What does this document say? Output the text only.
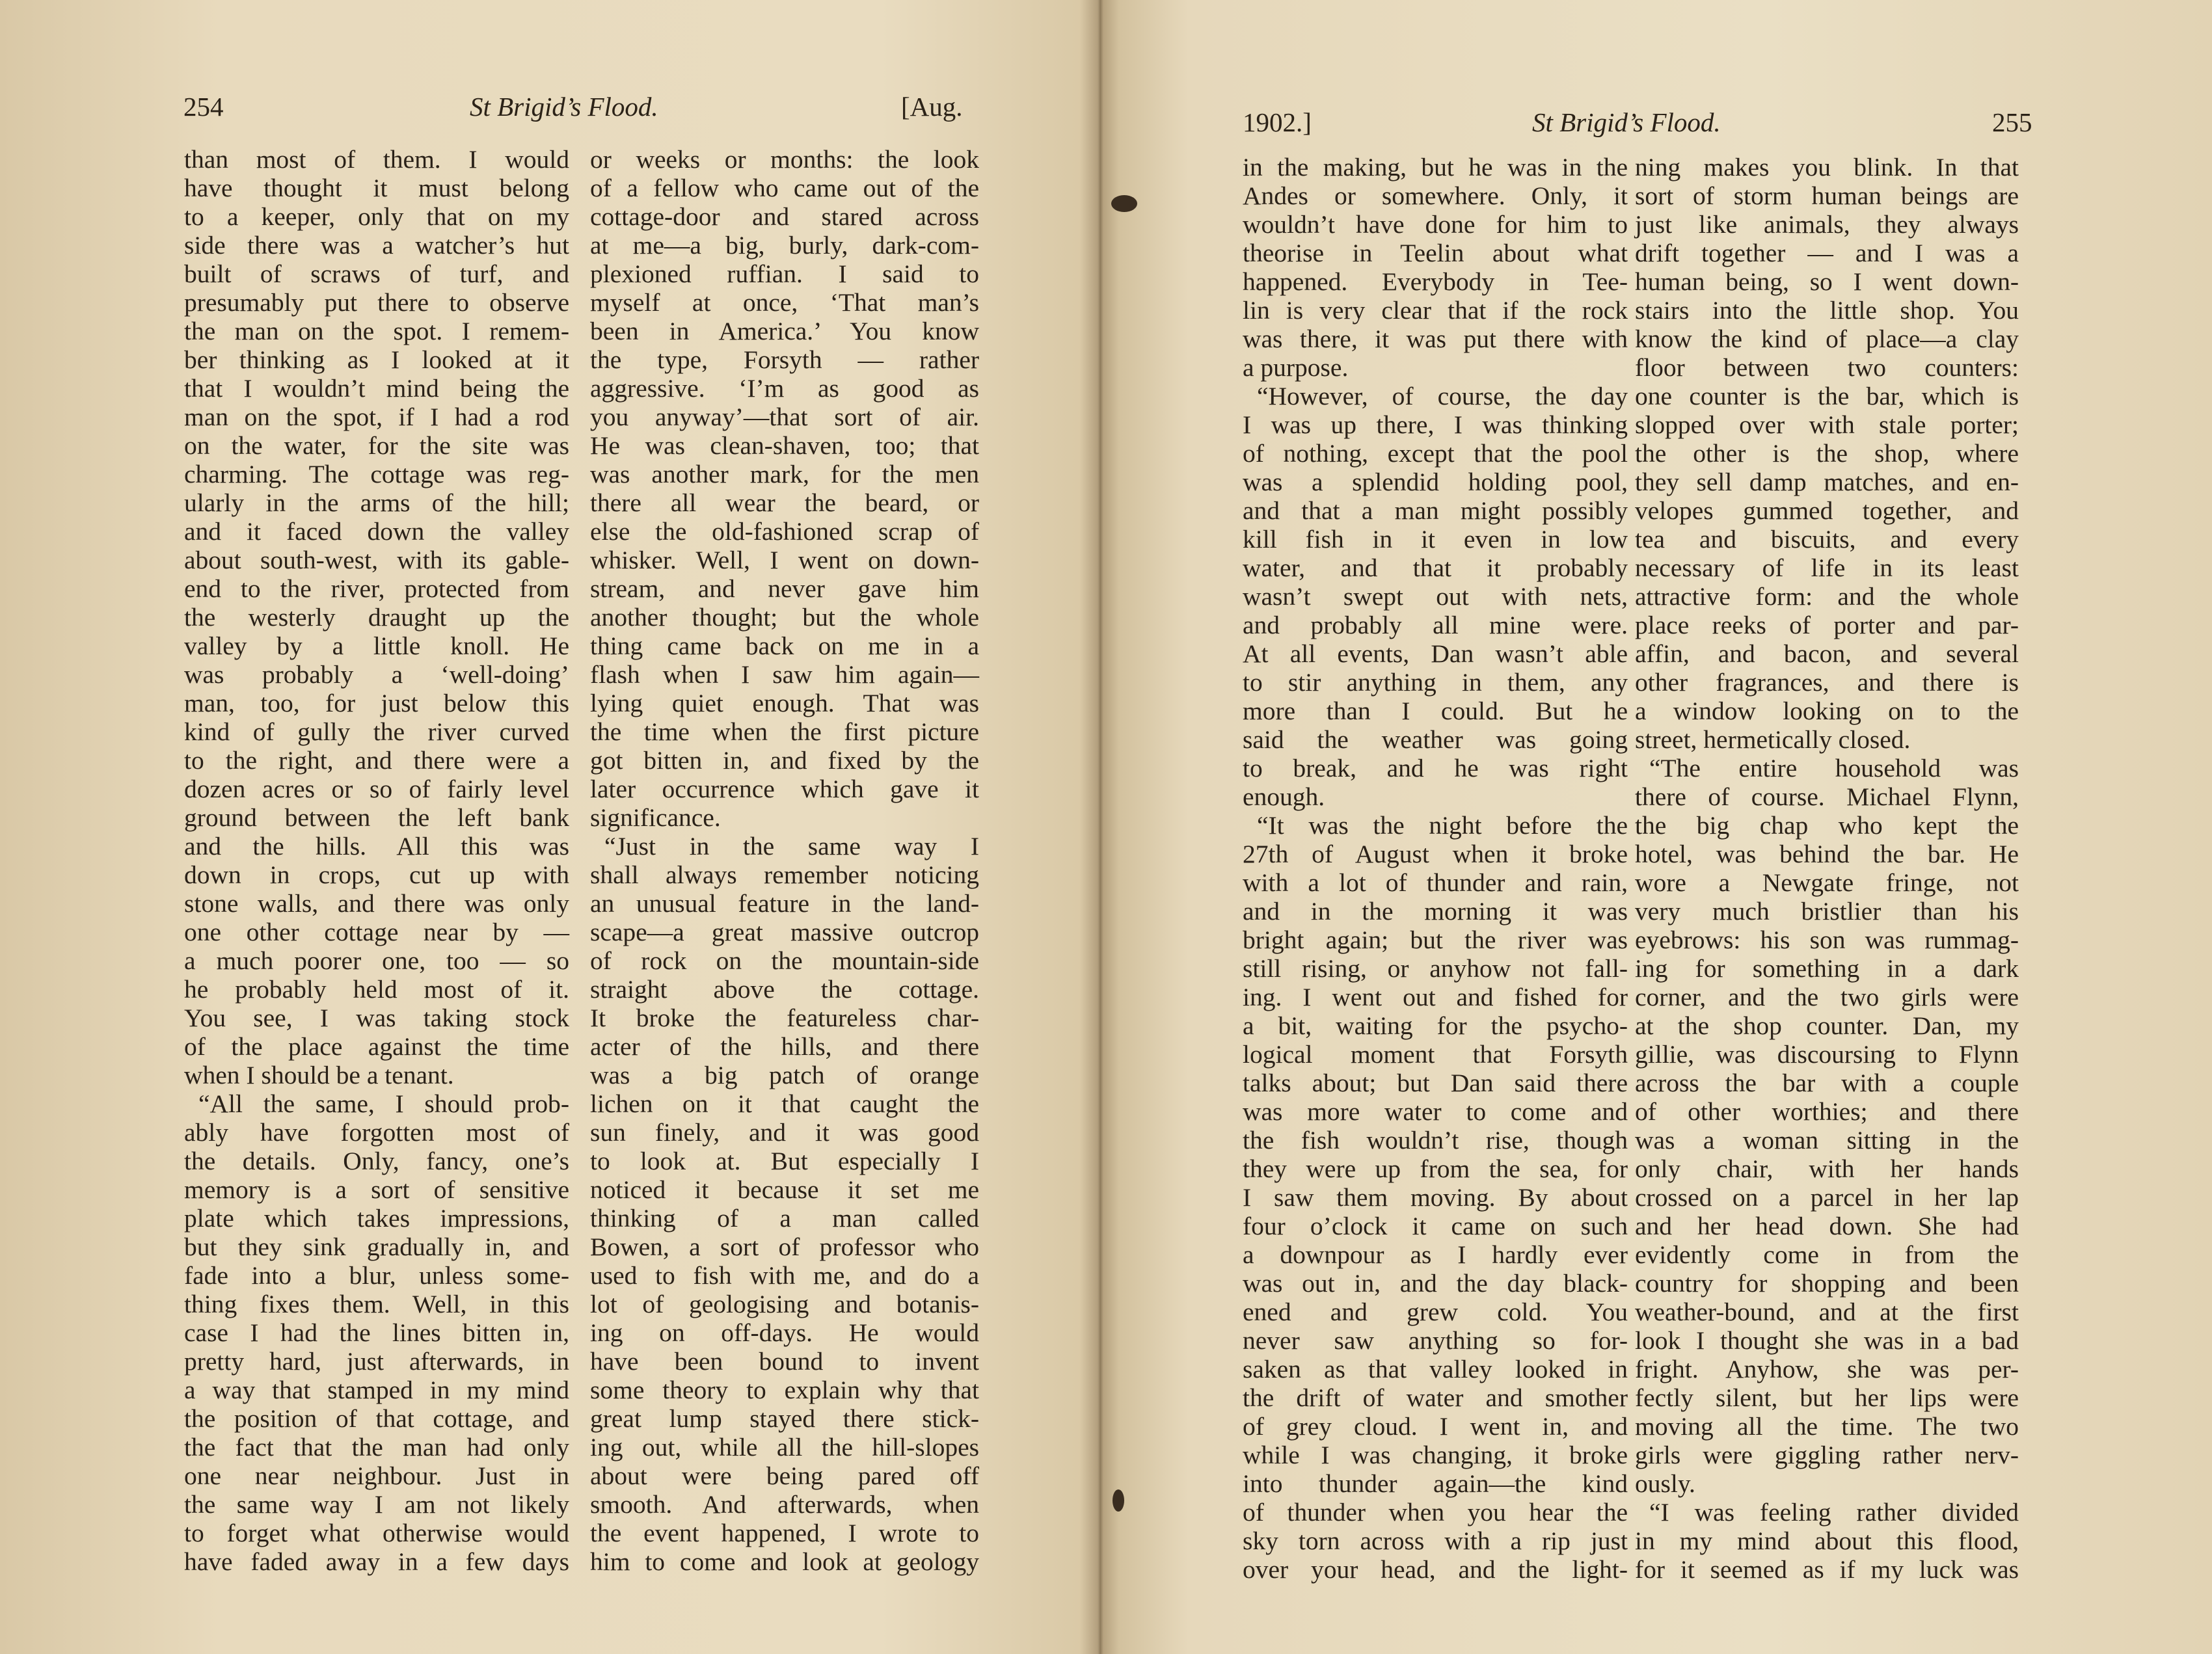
254	St Brigid’s Flood.	[Aug.
than most of them. I would
have thought it must belong
to a keeper, only that on my
side there was a watcher’s hut
built of scraws of turf, and
presumably put there to observe
the man on the spot. I remem-
ber thinking as I looked at it
that I wouldn’t mind being the
man on the spot, if I had a rod
on the water, for the site was
charming. The cottage was reg-
ularly in the arms of the hill;
and it faced down the valley
about south-west, with its gable-
end to the river, protected from
the westerly draught up the
valley by a little knoll. He
was probably a ‘well-doing’
man, too, for just below this
kind of gully the river curved
to the right, and there were a
dozen acres or so of fairly level
ground between the left bank
and the hills. All this was
down in crops, cut up with
stone walls, and there was only
one other cottage near by —
a much poorer one, too — so
he probably held most of it.
You see, I was taking stock
of the place against the time
when I should be a tenant.
“All the same, I should prob-
ably have forgotten most of
the details. Only, fancy, one’s
memory is a sort of sensitive
plate which takes impressions,
but they sink gradually in, and
fade into a blur, unless some-
thing fixes them. Well, in this
case I had the lines bitten in,
pretty hard, just afterwards, in
a way that stamped in my mind
the position of that cottage, and
the fact that the man had only
one near neighbour. Just in
the same way I am not likely
to forget what otherwise would
have faded away in a few days
or weeks or months: the look
of a fellow who came out of the
cottage-door and stared across
at me—a big, burly, dark-com-
plexioned ruffian. I said to
myself at once, ‘That man’s
been in America.’ You know
the type, Forsyth — rather
aggressive. ‘I’m as good as
you anyway’—that sort of air.
He was clean-shaven, too; that
was another mark, for the men
there all wear the beard, or
else the old-fashioned scrap of
whisker. Well, I went on down-
stream, and never gave him
another thought; but the whole
thing came back on me in a
flash when I saw him again—
lying quiet enough. That was
the time when the first picture
got bitten in, and fixed by the
later occurrence which gave it
significance.
“Just in the same way I
shall always remember noticing
an unusual feature in the land-
scape—a great massive outcrop
of rock on the mountain-side
straight above the cottage.
It broke the featureless char-
acter of the hills, and there
was a big patch of orange
lichen on it that caught the
sun finely, and it was good
to look at. But especially I
noticed it because it set me
thinking of a man called
Bowen, a sort of professor who
used to fish with me, and do a
lot of geologising and botanis-
ing on off-days. He would
have been bound to invent
some theory to explain why that
great lump stayed there stick-
ing out, while all the hill-slopes
about were being pared off
smooth. And afterwards, when
the event happened, I wrote to
him to come and look at geology
1902.]	St Brigid’s Flood.	255
in the making, but he was in the
Andes or somewhere. Only, it
wouldn’t have done for him to
theorise in Teelin about what
happened. Everybody in Tee-
lin is very clear that if the rock
was there, it was put there with
a purpose.
“However, of course, the day
I was up there, I was thinking
of nothing, except that the pool
was a splendid holding pool,
and that a man might possibly
kill fish in it even in low
water, and that it probably
wasn’t swept out with nets,
and probably all mine were.
At all events, Dan wasn’t able
to stir anything in them, any
more than I could. But he
said the weather was going
to break, and he was right
enough.
“It was the night before the
27th of August when it broke
with a lot of thunder and rain,
and in the morning it was
bright again; but the river was
still rising, or anyhow not fall-
ing. I went out and fished for
a bit, waiting for the psycho-
logical moment that Forsyth
talks about; but Dan said there
was more water to come and
the fish wouldn’t rise, though
they were up from the sea, for
I saw them moving. By about
four o’clock it came on such
a downpour as I hardly ever
was out in, and the day black-
ened and grew cold. You
never saw anything so for-
saken as that valley looked in
the drift of water and smother
of grey cloud. I went in, and
while I was changing, it broke
into thunder again—the kind
of thunder when you hear the
sky torn across with a rip just
over your head, and the light-
ning makes you blink. In that
sort of storm human beings are
just like animals, they always
drift together — and I was a
human being, so I went down-
stairs into the little shop. You
know the kind of place—a clay
floor between two counters:
one counter is the bar, which is
slopped over with stale porter;
the other is the shop, where
they sell damp matches, and en-
velopes gummed together, and
tea and biscuits, and every
necessary of life in its least
attractive form: and the whole
place reeks of porter and par-
affin, and bacon, and several
other fragrances, and there is
a window looking on to the
street, hermetically closed.
“The entire household was
there of course. Michael Flynn,
the big chap who kept the
hotel, was behind the bar. He
wore a Newgate fringe, not
very much bristlier than his
eyebrows: his son was rummag-
ing for something in a dark
corner, and the two girls were
at the shop counter. Dan, my
gillie, was discoursing to Flynn
across the bar with a couple
of other worthies; and there
was a woman sitting in the
only chair, with her hands
crossed on a parcel in her lap
and her head down. She had
evidently come in from the
country for shopping and been
weather-bound, and at the first
look I thought she was in a bad
fright. Anyhow, she was per-
fectly silent, but her lips were
moving all the time. The two
girls were giggling rather nerv-
ously.
“I was feeling rather divided
in my mind about this flood,
for it seemed as if my luck was
